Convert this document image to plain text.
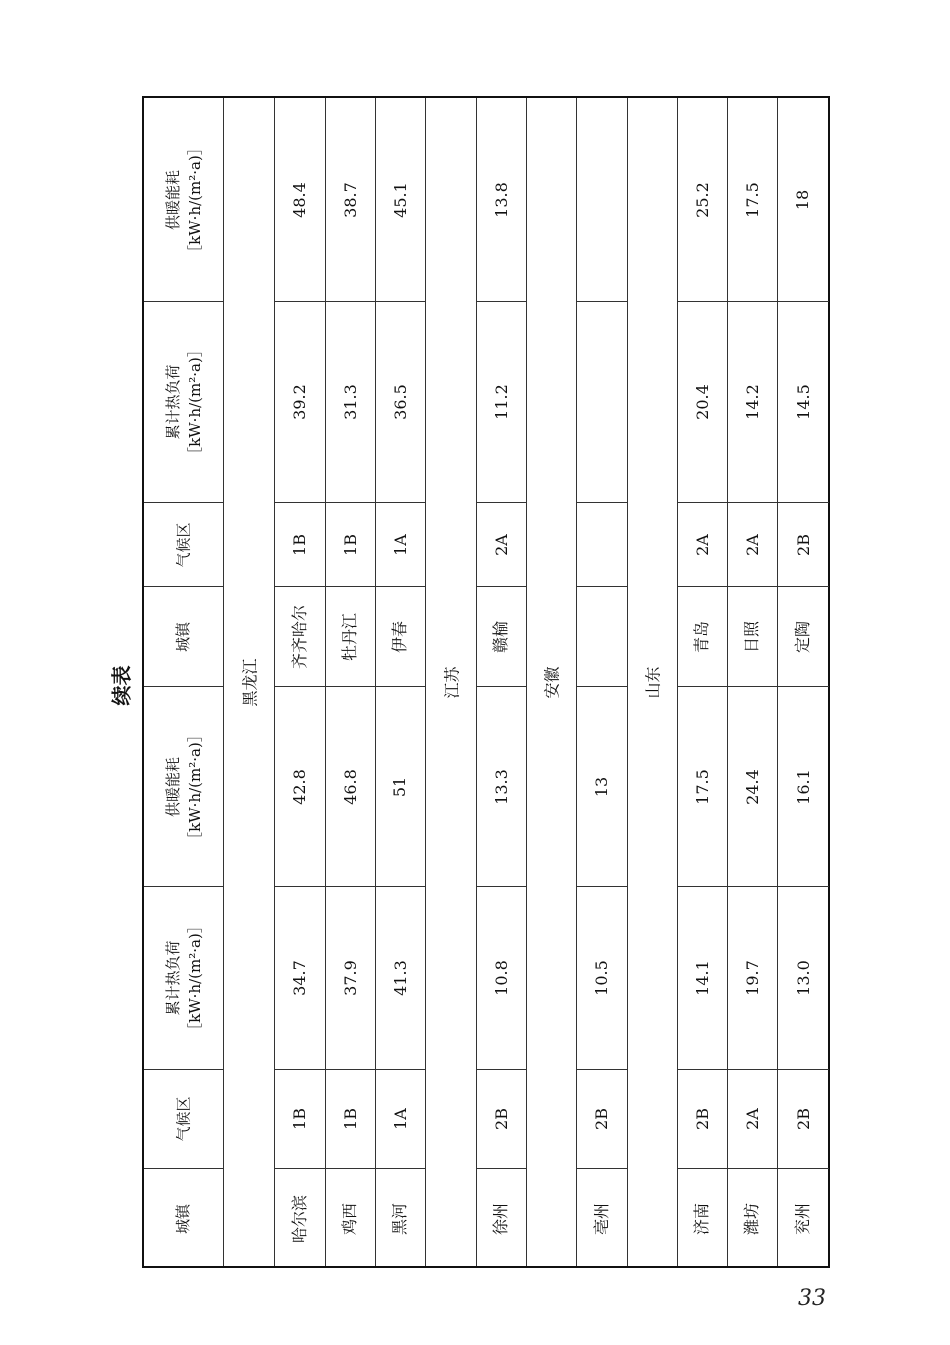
续表
供暖能耗 ［kW·h/(m²·a)］
累计热负荷 ［kW·h/(m²·a)］
气候区
城镇
供暖能耗 ［kW·h/(m²·a)］
累计热负荷 ［kW·h/(m²·a)］
气候区
城镇
黑龙江
48.4
39.2
1B
齐齐哈尔
42.8
34.7
1B
哈尔滨
38.7
31.3
1B
牡丹江
46.8
37.9
1B
鸡西
45.1
36.5
1A
伊春
51
41.3
1A
黑河
江苏
13.8
11.2
2A
赣榆
13.3
10.8
2B
徐州
安徽
13
10.5
2B
亳州
山东
25.2
20.4
2A
青岛
17.5
14.1
2B
济南
17.5
14.2
2A
日照
24.4
19.7
2A
潍坊
18
14.5
2B
定陶
16.1
13.0
2B
兖州
33
